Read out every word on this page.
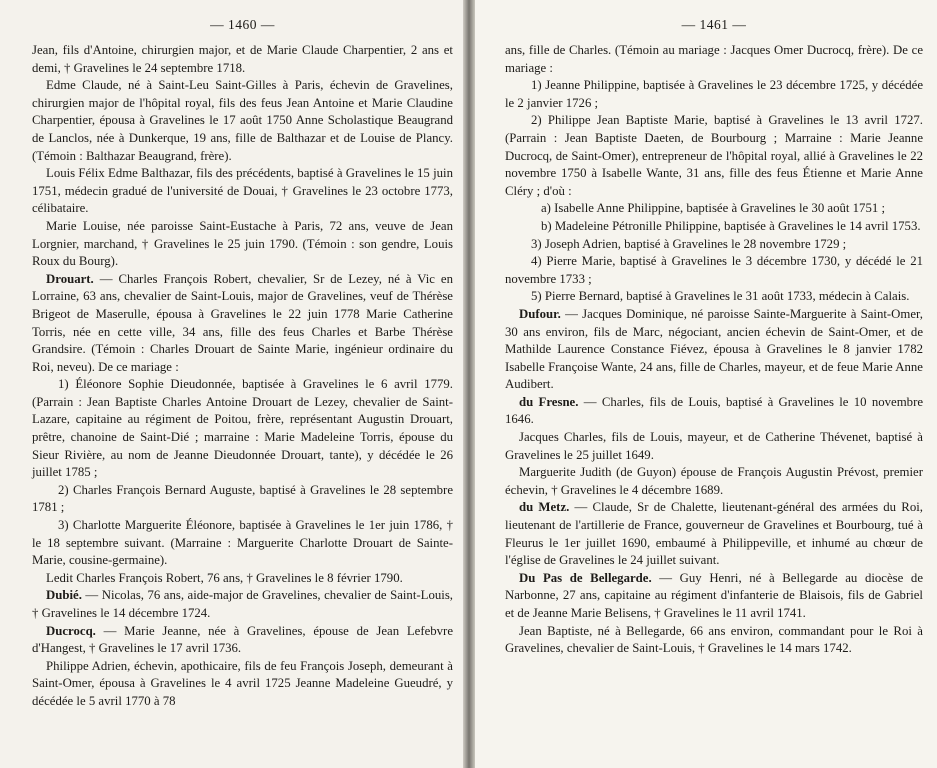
— 1460 —

Jean, fils d'Antoine, chirurgien major, et de Marie Claude Charpentier, 2 ans et demi, † Gravelines le 24 septembre 1718.

Edme Claude, né à Saint-Leu Saint-Gilles à Paris, échevin de Gravelines, chirurgien major de l'hôpital royal, fils des feus Jean Antoine et Marie Claudine Charpentier, épousa à Gravelines le 17 août 1750 Anne Scholastique Beaugrand de Lanclos, née à Dunkerque, 19 ans, fille de Balthazar et de Louise de Plancy. (Témoin : Balthazar Beaugrand, frère).

Louis Félix Edme Balthazar, fils des précédents, baptisé à Gravelines le 15 juin 1751, médecin gradué de l'université de Douai, † Gravelines le 23 octobre 1773, célibataire.

Marie Louise, née paroisse Saint-Eustache à Paris, 72 ans, veuve de Jean Lorgnier, marchand, † Gravelines le 25 juin 1790. (Témoin : son gendre, Louis Roux du Bourg).

Drouart. — Charles François Robert, chevalier, Sr de Lezey, né à Vic en Lorraine, 63 ans, chevalier de Saint-Louis, major de Gravelines, veuf de Thérèse Brigeot de Maserulle, épousa à Gravelines le 22 juin 1778 Marie Catherine Torris, née en cette ville, 34 ans, fille des feus Charles et Barbe Thérèse Grandsire. (Témoin : Charles Drouart de Sainte Marie, ingénieur ordinaire du Roi, neveu). De ce mariage :

1) Éléonore Sophie Dieudonnée, baptisée à Gravelines le 6 avril 1779. (Parrain : Jean Baptiste Charles Antoine Drouart de Lezey, chevalier de Saint-Lazare, capitaine au régiment de Poitou, frère, représentant Augustin Drouart, prêtre, chanoine de Saint-Dié ; marraine : Marie Madeleine Torris, épouse du Sieur Rivière, au nom de Jeanne Dieudonnée Drouart, tante), y décédée le 26 juillet 1785 ;

2) Charles François Bernard Auguste, baptisé à Gravelines le 28 septembre 1781 ;

3) Charlotte Marguerite Éléonore, baptisée à Gravelines le 1er juin 1786, † le 18 septembre suivant. (Marraine : Marguerite Charlotte Drouart de Sainte-Marie, cousine-germaine).

Ledit Charles François Robert, 76 ans, † Gravelines le 8 février 1790.

Dubié. — Nicolas, 76 ans, aide-major de Gravelines, chevalier de Saint-Louis, † Gravelines le 14 décembre 1724.

Ducrocq. — Marie Jeanne, née à Gravelines, épouse de Jean Lefebvre d'Hangest, † Gravelines le 17 avril 1736.

Philippe Adrien, échevin, apothicaire, fils de feu François Joseph, demeurant à Saint-Omer, épousa à Gravelines le 4 avril 1725 Jeanne Madeleine Gueudré, y décédée le 5 avril 1770 à 78

— 1461 —

ans, fille de Charles. (Témoin au mariage : Jacques Omer Ducrocq, frère). De ce mariage :

1) Jeanne Philippine, baptisée à Gravelines le 23 décembre 1725, y décédée le 2 janvier 1726 ;

2) Philippe Jean Baptiste Marie, baptisé à Gravelines le 13 avril 1727. (Parrain : Jean Baptiste Daeten, de Bourbourg ; Marraine : Marie Jeanne Ducrocq, de Saint-Omer), entrepreneur de l'hôpital royal, allié à Gravelines le 22 novembre 1750 à Isabelle Wante, 31 ans, fille des feus Étienne et Marie Anne Cléry ; d'où :

a) Isabelle Anne Philippine, baptisée à Gravelines le 30 août 1751 ;

b) Madeleine Pétronille Philippine, baptisée à Gravelines le 14 avril 1753.

3) Joseph Adrien, baptisé à Gravelines le 28 novembre 1729 ;

4) Pierre Marie, baptisé à Gravelines le 3 décembre 1730, y décédé le 21 novembre 1733 ;

5) Pierre Bernard, baptisé à Gravelines le 31 août 1733, médecin à Calais.

Dufour. — Jacques Dominique, né paroisse Sainte-Marguerite à Saint-Omer, 30 ans environ, fils de Marc, négociant, ancien échevin de Saint-Omer, et de Mathilde Laurence Constance Fiévez, épousa à Gravelines le 8 janvier 1782 Isabelle Françoise Wante, 24 ans, fille de Charles, mayeur, et de feue Marie Anne Audibert.

du Fresne. — Charles, fils de Louis, baptisé à Gravelines le 10 novembre 1646.

Jacques Charles, fils de Louis, mayeur, et de Catherine Thévenet, baptisé à Gravelines le 25 juillet 1649.

Marguerite Judith (de Guyon) épouse de François Augustin Prévost, premier échevin, † Gravelines le 4 décembre 1689.

du Metz. — Claude, Sr de Chalette, lieutenant-général des armées du Roi, lieutenant de l'artillerie de France, gouverneur de Gravelines et Bourbourg, tué à Fleurus le 1er juillet 1690, embaumé à Philippeville, et inhumé au chœur de l'église de Gravelines le 24 juillet suivant.

Du Pas de Bellegarde. — Guy Henri, né à Bellegarde au diocèse de Narbonne, 27 ans, capitaine au régiment d'infanterie de Blaisois, fils de Gabriel et de Jeanne Marie Belisens, † Gravelines le 11 avril 1741.

Jean Baptiste, né à Bellegarde, 66 ans environ, commandant pour le Roi à Gravelines, chevalier de Saint-Louis, † Gravelines le 14 mars 1742.
